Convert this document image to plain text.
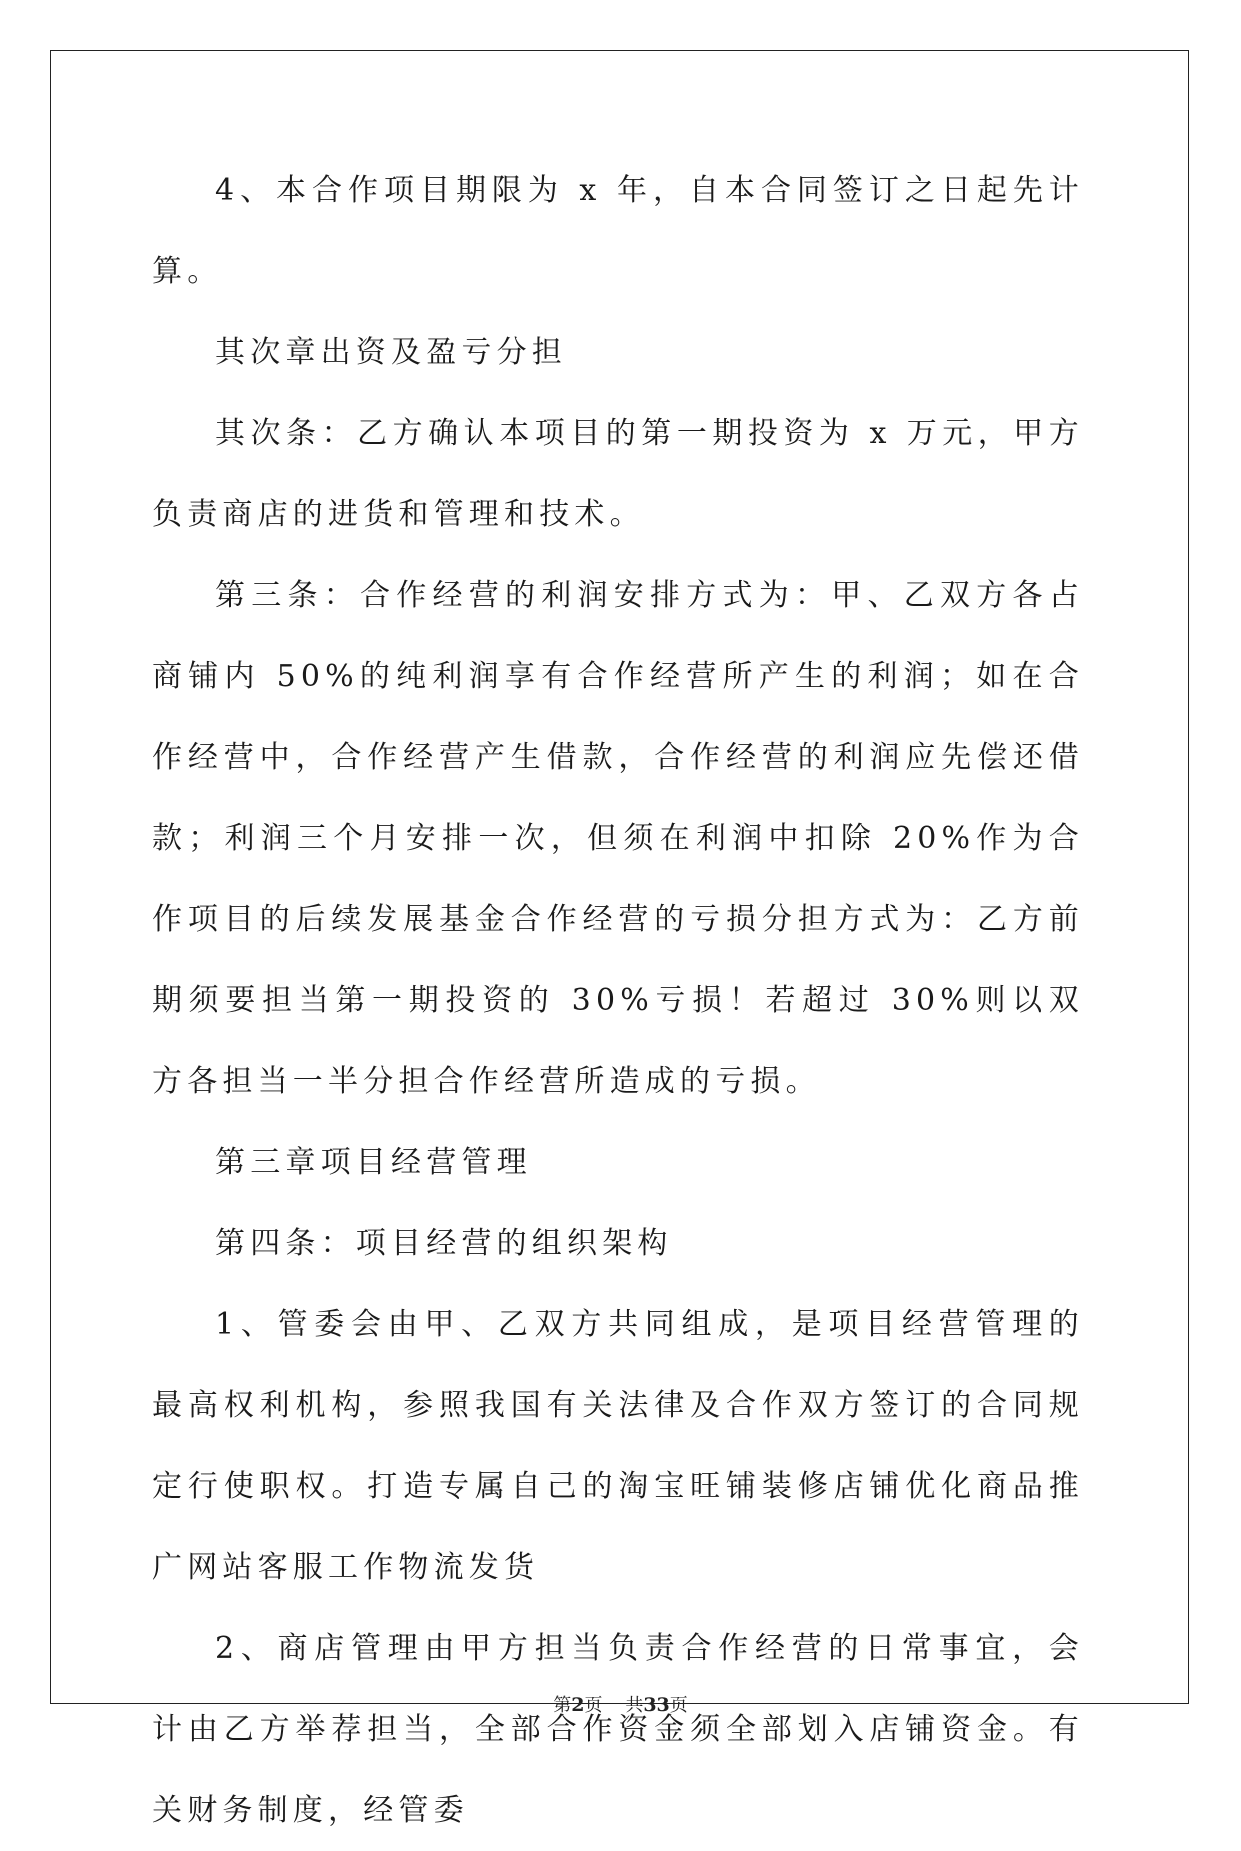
4、本合作项目期限为 x 年，自本合同签订之日起先计算。

其次章出资及盈亏分担

其次条：乙方确认本项目的第一期投资为 x 万元，甲方负责商店的进货和管理和技术。

第三条：合作经营的利润安排方式为：甲、乙双方各占商铺内 50%的纯利润享有合作经营所产生的利润；如在合作经营中，合作经营产生借款，合作经营的利润应先偿还借款；利润三个月安排一次，但须在利润中扣除 20%作为合作项目的后续发展基金合作经营的亏损分担方式为：乙方前期须要担当第一期投资的 30%亏损！若超过 30%则以双方各担当一半分担合作经营所造成的亏损。

第三章项目经营管理

第四条：项目经营的组织架构

1、管委会由甲、乙双方共同组成，是项目经营管理的最高权利机构，参照我国有关法律及合作双方签订的合同规定行使职权。打造专属自己的淘宝旺铺装修店铺优化商品推广网站客服工作物流发货

2、商店管理由甲方担当负责合作经营的日常事宜，会计由乙方举荐担当，全部合作资金须全部划入店铺资金。有关财务制度，经管委

第2页 共33页
